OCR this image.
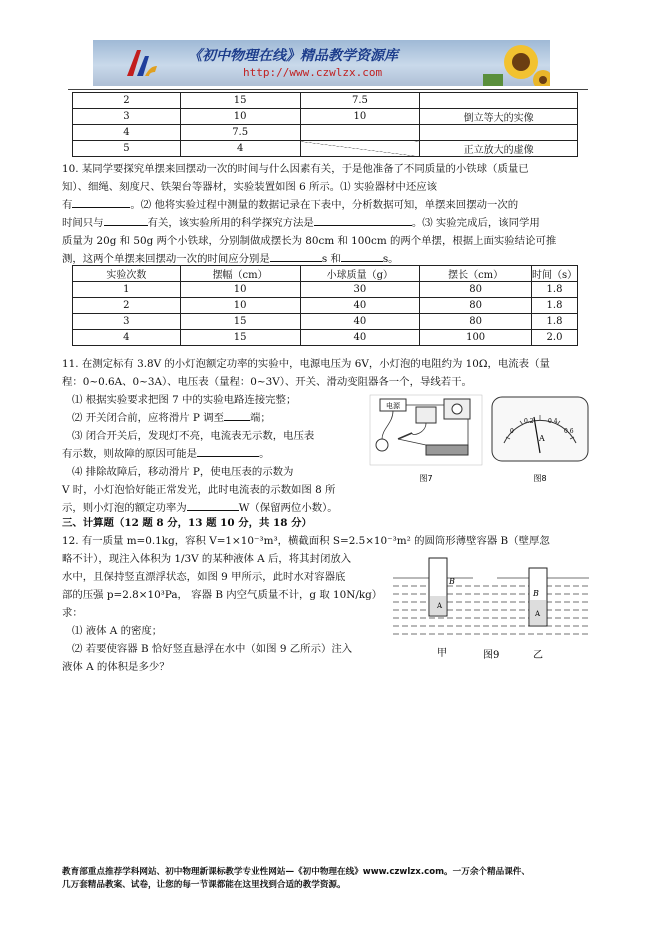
《初中物理在线》精品教学资源库
http://www.czwlzx.com
2	15	7.5	
3	10	10	倒立等大的实像
4	7.5		
5	4		正立放大的虚像
10. 某同学要探究单摆来回摆动一次的时间与什么因素有关，于是他准备了不同质量的小铁球（质量已
知）、细绳、刻度尺、铁架台等器材，实验装置如图 6 所示。⑴ 实验器材中还应该
有	。⑵ 他将实验过程中测量的数据记录在下表中，分析数据可知，单摆来回摆动一次的
时间只与	有关，该实验所用的科学探究方法是	。⑶ 实验完成后，该同学用
质量为 20g 和 50g 两个小铁球，分别制做成摆长为 80cm 和 100cm 的两个单摆，根据上面实验结论可推
测，这两个单摆来回摆动一次的时间应分别是	s 和	s。
实验次数	摆幅（cm）	小球质量（g）	摆长（cm）	时间（s）
1	10	30	80	1.8
2	10	40	80	1.8
3	15	40	80	1.8
4	15	40	100	2.0
11. 在测定标有 3.8V 的小灯泡额定功率的实验中，电源电压为 6V，小灯泡的电阻约为 10Ω，电流表（量
程：0~0.6A、0~3A）、电压表（量程：0~3V）、开关、滑动变阻器各一个，导线若干。
⑴ 根据实验要求把图 7 中的实验电路连接完整；
⑵ 开关闭合前，应将滑片 P 调至	端；
⑶ 闭合开关后，发现灯不亮，电流表无示数，电压表
有示数，则故障的原因可能是	。
⑷ 排除故障后，移动滑片 P，使电压表的示数为
V 时，小灯泡恰好能正常发光，此时电流表的示数如图 8 所
示，则小灯泡的额定功率为	W（保留两位小数）。
电源
图7
0
0.2 0.4
0.6
A
图8
三、计算题（12 题 8 分，13 题 10 分，共 18 分）
12. 有一质量 m=0.1kg，容积 V=1×10⁻³m³，横截面积 S=2.5×10⁻³m² 的圆筒形薄壁容器 B（壁厚忽
略不计），现注入体积为 1/3V 的某种液体 A 后，将其封闭放入
水中，且保持竖直漂浮状态，如图 9 甲所示，此时水对容器底
部的压强 p=2.8×10³Pa， 容器 B 内空气质量不计，g 取 10N/kg）
求：
⑴ 液体 A 的密度；
⑵ 若要使容器 B 恰好竖直悬浮在水中（如图 9 乙所示）注入
液体 A 的体积是多少？
B
A
B
A
甲	图9	乙
教育部重点推荐学科网站、初中物理新课标教学专业性网站—《初中物理在线》www.czwlzx.com。一万余个精品课件、
几万套精品教案、试卷，让您的每一节课都能在这里找到合适的教学资源。
